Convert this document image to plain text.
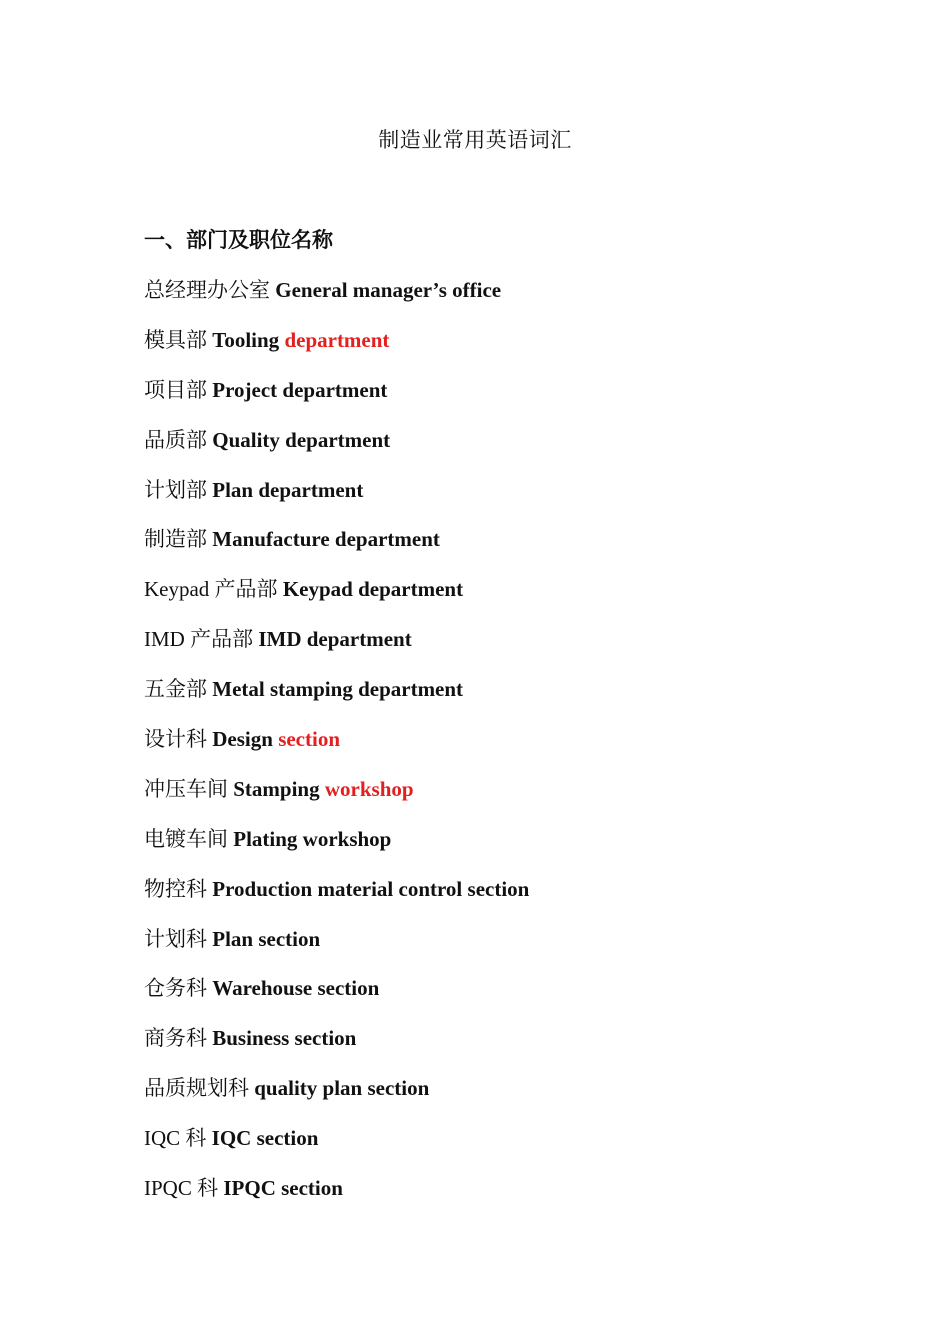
制造业常用英语词汇
一、部门及职位名称
总经理办公室 General manager’s office
模具部 Tooling department
项目部 Project department
品质部 Quality department
计划部 Plan department
制造部 Manufacture department
Keypad 产品部 Keypad department
IMD 产品部 IMD department
五金部 Metal stamping department
设计科 Design section
冲压车间 Stamping workshop
电镀车间 Plating workshop
物控科 Production material control section
计划科 Plan section
仓务科 Warehouse section
商务科 Business section
品质规划科 quality plan section
IQC 科 IQC section
IPQC 科 IPQC section
